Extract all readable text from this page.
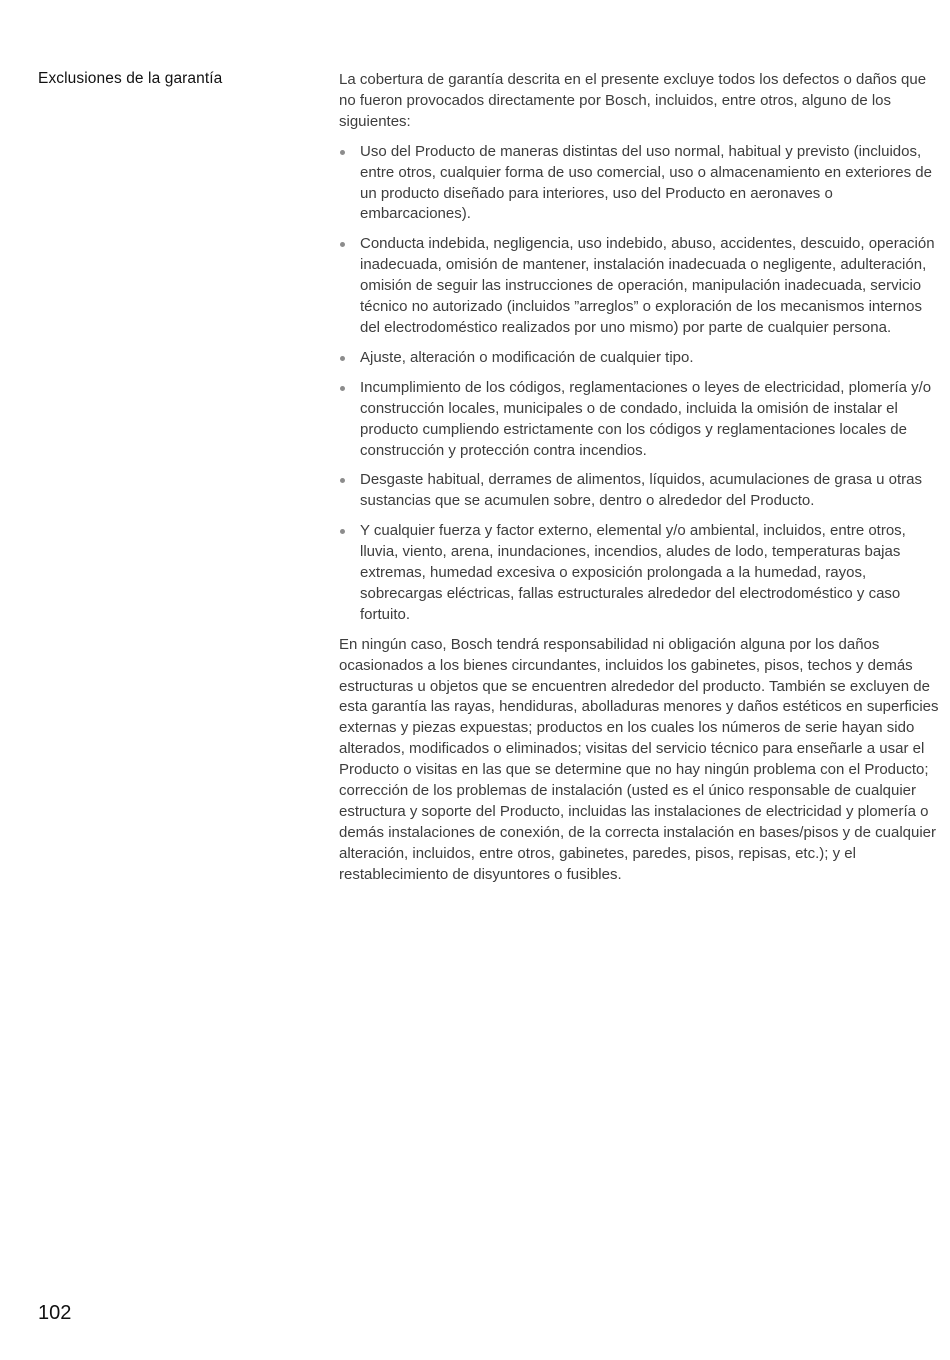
Exclusiones de la garantía	La cobertura de garantía descrita en el presente excluye todos los defectos o daños que no fueron provocados directamente por Bosch, incluidos, entre otros, alguno de los siguientes:

Uso del Producto de maneras distintas del uso normal, habitual y previsto (incluidos, entre otros, cualquier forma de uso comercial, uso o almacenamiento en exteriores de un producto diseñado para interiores, uso del Producto en aeronaves o embarcaciones).
Conducta indebida, negligencia, uso indebido, abuso, accidentes, descuido, operación inadecuada, omisión de mantener, instalación inadecuada o negligente, adulteración, omisión de seguir las instrucciones de operación, manipulación inadecuada, servicio técnico no autorizado (incluidos ”arreglos” o exploración de los mecanismos internos del electrodoméstico realizados por uno mismo) por parte de cualquier persona.
Ajuste, alteración o modificación de cualquier tipo.
Incumplimiento de los códigos, reglamentaciones o leyes de electricidad, plomería y/o construcción locales, municipales o de condado, incluida la omisión de instalar el producto cumpliendo estrictamente con los códigos y reglamentaciones locales de construcción y protección contra incendios.
Desgaste habitual, derrames de alimentos, líquidos, acumulaciones de grasa u otras sustancias que se acumulen sobre, dentro o alrededor del Producto.
Y cualquier fuerza y factor externo, elemental y/o ambiental, incluidos, entre otros, lluvia, viento, arena, inundaciones, incendios, aludes de lodo, temperaturas bajas extremas, humedad excesiva o exposición prolongada a la humedad, rayos, sobrecargas eléctricas, fallas estructurales alrededor del electrodoméstico y caso fortuito.

En ningún caso, Bosch tendrá responsabilidad ni obligación alguna por los daños ocasionados a los bienes circundantes, incluidos los gabinetes, pisos, techos y demás estructuras u objetos que se encuentren alrededor del producto. También se excluyen de esta garantía las rayas, hendiduras, abolladuras menores y daños estéticos en superficies externas y piezas expuestas; productos en los cuales los números de serie hayan sido alterados, modificados o eliminados; visitas del servicio técnico para enseñarle a usar el Producto o visitas en las que se determine que no hay ningún problema con el Producto; corrección de los problemas de instalación (usted es el único responsable de cualquier estructura y soporte del Producto, incluidas las instalaciones de electricidad y plomería o demás instalaciones de conexión, de la correcta instalación en bases/pisos y de cualquier alteración, incluidos, entre otros, gabinetes, paredes, pisos, repisas, etc.); y el restablecimiento de disyuntores o fusibles.

102
